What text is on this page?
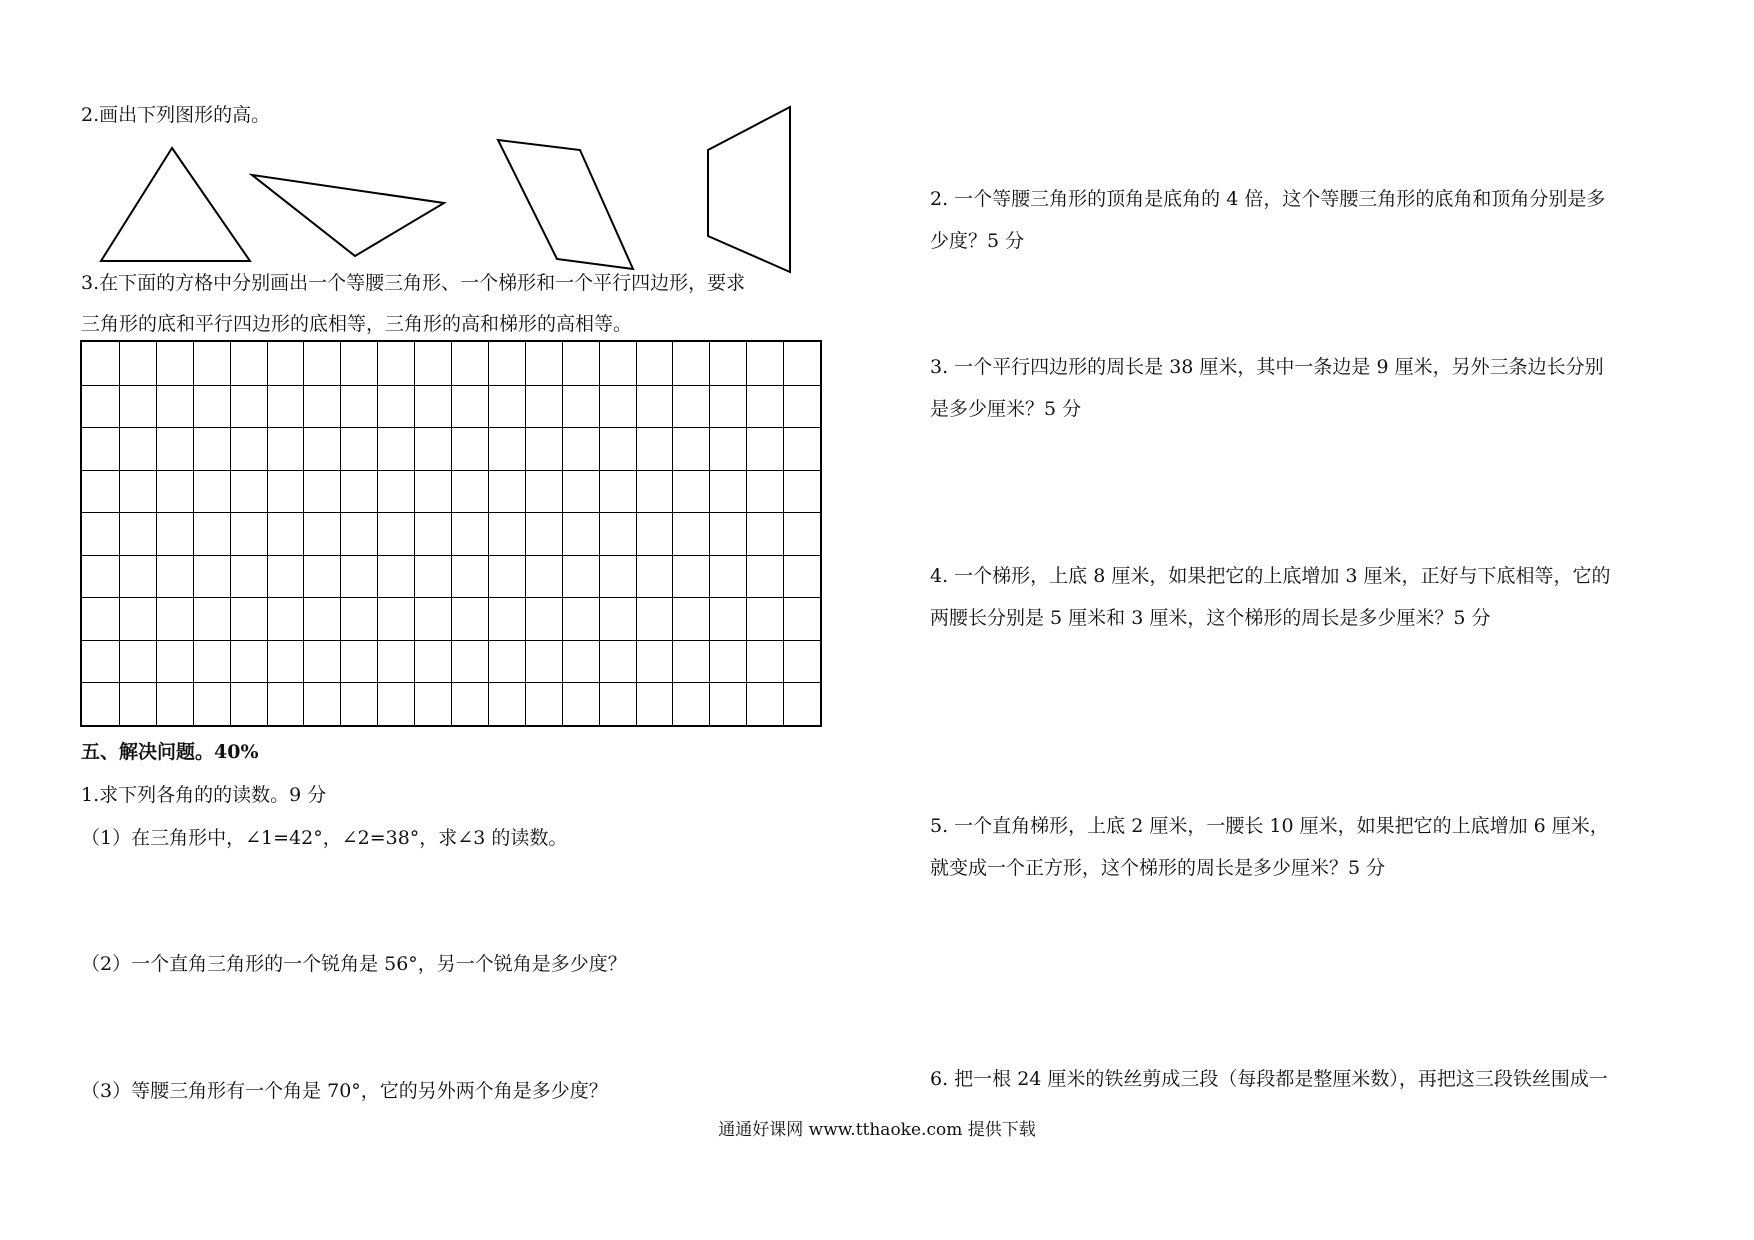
2.画出下列图形的高。
3.在下面的方格中分别画出一个等腰三角形、一个梯形和一个平行四边形，要求
三角形的底和平行四边形的底相等，三角形的高和梯形的高相等。
五、解决问题。40%
1.求下列各角的的读数。9 分
（1）在三角形中，∠1=42°，∠2=38°，求∠3 的读数。
（2）一个直角三角形的一个锐角是 56°，另一个锐角是多少度？
（3）等腰三角形有一个角是 70°，它的另外两个角是多少度？
2. 一个等腰三角形的顶角是底角的 4 倍，这个等腰三角形的底角和顶角分别是多
少度？5 分
3. 一个平行四边形的周长是 38 厘米，其中一条边是 9 厘米，另外三条边长分别
是多少厘米？5 分
4. 一个梯形，上底 8 厘米，如果把它的上底增加 3 厘米，正好与下底相等，它的
两腰长分别是 5 厘米和 3 厘米，这个梯形的周长是多少厘米？5 分
5. 一个直角梯形，上底 2 厘米，一腰长 10 厘米，如果把它的上底增加 6 厘米，
就变成一个正方形，这个梯形的周长是多少厘米？5 分
6. 把一根 24 厘米的铁丝剪成三段（每段都是整厘米数），再把这三段铁丝围成一
通通好课网 www.tthaoke.com 提供下载
